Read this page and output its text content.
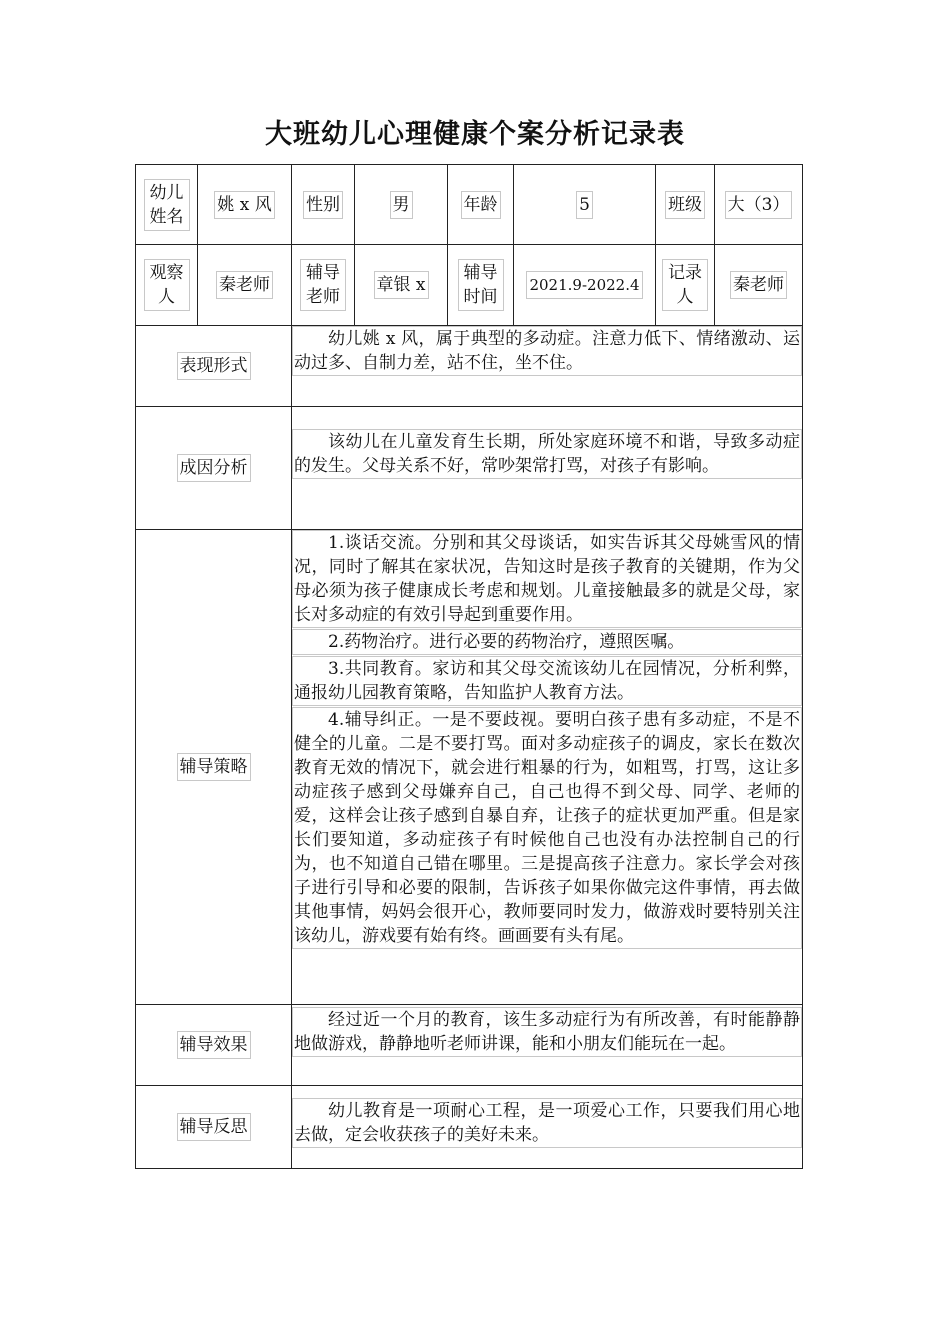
大班幼儿心理健康个案分析记录表
幼儿姓名	姚 x 风	性别	男	年龄	5	班级	大（3）
观察人	秦老师	辅导老师	章银 x	辅导时间	2021.9-2022.4	记录人	秦老师
表现形式		幼儿姚 x 风，属于典型的多动症。注意力低下、情绪激动、运动过多、自制力差，站不住，坐不住。					

成因分析		该幼儿在儿童发育生长期，所处家庭环境不和谐，导致多动症的发生。父母关系不好，常吵架常打骂，对孩子有影响。					

辅导策略		1.谈话交流。分别和其父母谈话，如实告诉其父母姚雪风的情况，同时了解其在家状况，告知这时是孩子教育的关键期，作为父母必须为孩子健康成长考虑和规划。儿童接触最多的就是父母，家长对多动症的有效引导起到重要作用。
2.药物治疗。进行必要的药物治疗，遵照医嘱。
3.共同教育。家访和其父母交流该幼儿在园情况，分析利弊，通报幼儿园教育策略，告知监护人教育方法。
4.辅导纠正。一是不要歧视。要明白孩子患有多动症，不是不健全的儿童。二是不要打骂。面对多动症孩子的调皮，家长在数次教育无效的情况下，就会进行粗暴的行为，如粗骂，打骂，这让多动症孩子感到父母嫌弃自己，自己也得不到父母、同学、老师的爱，这样会让孩子感到自暴自弃，让孩子的症状更加严重。但是家长们要知道，多动症孩子有时候他自己也没有办法控制自己的行为，也不知道自己错在哪里。三是提高孩子注意力。家长学会对孩子进行引导和必要的限制，告诉孩子如果你做完这件事情，再去做其他事情，妈妈会很开心，教师要同时发力，做游戏时要特别关注该幼儿，游戏要有始有终。画画要有头有尾。					

辅导效果		经过近一个月的教育，该生多动症行为有所改善，有时能静静地做游戏，静静地听老师讲课，能和小朋友们能玩在一起。					

辅导反思		幼儿教育是一项耐心工程，是一项爱心工作，只要我们用心地去做，定会收获孩子的美好未来。					
